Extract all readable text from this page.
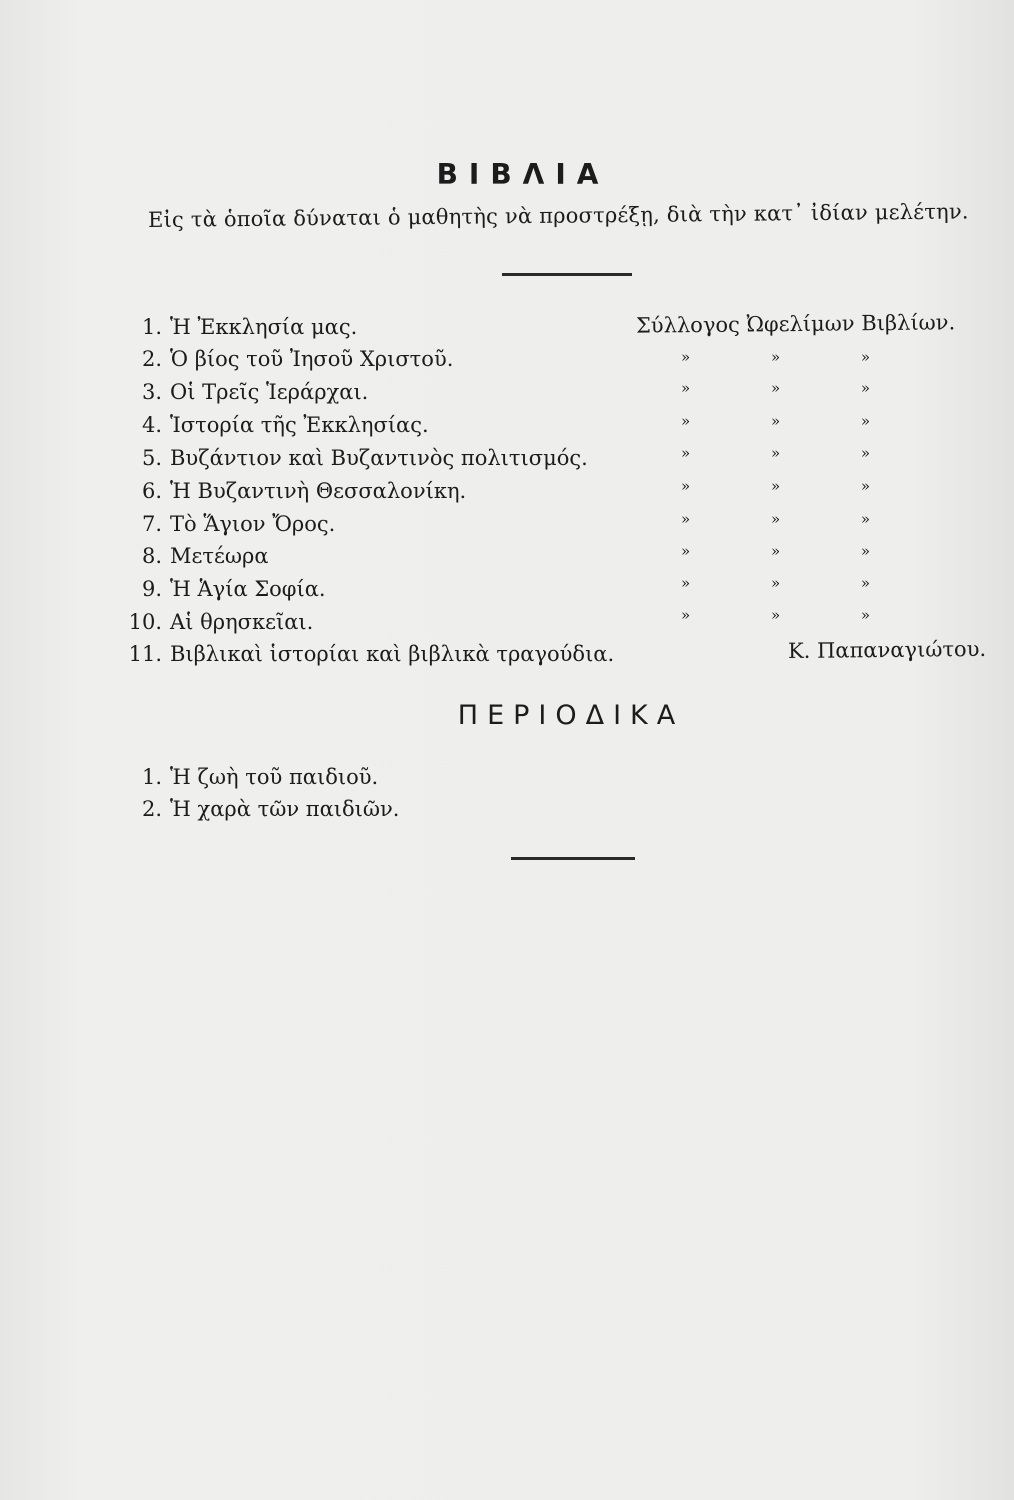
ΒΙΒΛΙΑ
Εἰς τὰ ὁποῖα δύναται ὁ μαθητὴς νὰ προστρέξῃ, διὰ τὴν κατ᾿ ἰδίαν μελέτην.
1. Ἡ Ἐκκλησία μας.	Σύλλογος Ὠφελίμων Βιβλίων.
2. Ὁ βίος τοῦ Ἰησοῦ Χριστοῦ.	» » »
3. Οἱ Τρεῖς Ἱεράρχαι.	» » »
4. Ἱστορία τῆς Ἐκκλησίας.	» » »
5. Βυζάντιον καὶ Βυζαντινὸς πολιτισμός.	» » »
6. Ἡ Βυζαντινὴ Θεσσαλονίκη.	» » »
7. Τὸ Ἅγιον Ὄρος.	» » »
8. Μετέωρα	» » »
9. Ἡ Ἁγία Σοφία.	» » »
10. Αἱ θρησκεῖαι.	» » »
11. Βιβλικαὶ ἱστορίαι καὶ βιβλικὰ τραγούδια.	Κ. Παπαναγιώτου.
ΠΕΡΙΟΔΙΚΑ
1. Ἡ ζωὴ τοῦ παιδιοῦ.
2. Ἡ χαρὰ τῶν παιδιῶν.
